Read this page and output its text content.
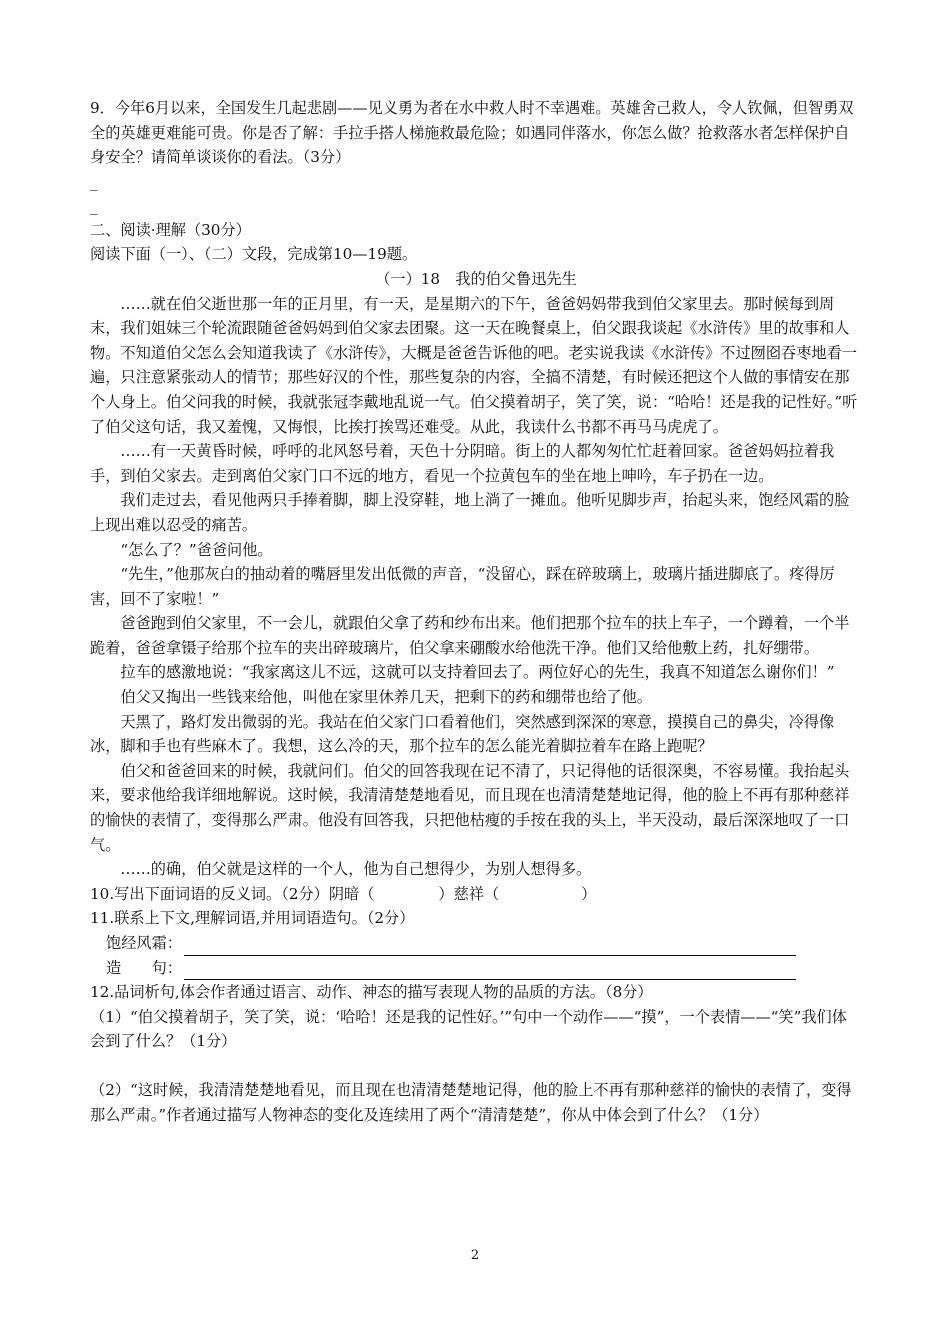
9．今年6月以来，全国发生几起悲剧——见义勇为者在水中救人时不幸遇难。英雄舍己救人，令人钦佩，但智勇双全的英雄更难能可贵。你是否了解：手拉手搭人梯施救最危险；如遇同伴落水，你怎么做？抢救落水者怎样保护自身安全？请简单谈谈你的看法。（3分）

_

_

二、阅读·理解（30分）

阅读下面（一）、（二）文段，完成第10—19题。

（一）18　我的伯父鲁迅先生

……就在伯父逝世那一年的正月里，有一天，是星期六的下午，爸爸妈妈带我到伯父家里去。那时候每到周末，我们姐妹三个轮流跟随爸爸妈妈到伯父家去团聚。这一天在晚餐桌上，伯父跟我谈起《水浒传》里的故事和人物。不知道伯父怎么会知道我读了《水浒传》，大概是爸爸告诉他的吧。老实说我读《水浒传》不过囫囵吞枣地看一遍，只注意紧张动人的情节；那些好汉的个性，那些复杂的内容，全搞不清楚，有时候还把这个人做的事情安在那个人身上。伯父问我的时候，我就张冠李戴地乱说一气。伯父摸着胡子，笑了笑，说：“哈哈！还是我的记性好。”听了伯父这句话，我又羞愧，又悔恨，比挨打挨骂还难受。从此，我读什么书都不再马马虎虎了。

……有一天黄昏时候，呼呼的北风怒号着，天色十分阴暗。街上的人都匆匆忙忙赶着回家。爸爸妈妈拉着我手，到伯父家去。走到离伯父家门口不远的地方，看见一个拉黄包车的坐在地上呻吟，车子扔在一边。

我们走过去，看见他两只手捧着脚，脚上没穿鞋，地上淌了一摊血。他听见脚步声，抬起头来，饱经风霜的脸上现出难以忍受的痛苦。

“怎么了？”爸爸问他。

“先生，”他那灰白的抽动着的嘴唇里发出低微的声音，“没留心，踩在碎玻璃上，玻璃片插进脚底了。疼得厉害，回不了家啦！”

爸爸跑到伯父家里，不一会儿，就跟伯父拿了药和纱布出来。他们把那个拉车的扶上车子，一个蹲着，一个半跪着，爸爸拿镊子给那个拉车的夹出碎玻璃片，伯父拿来硼酸水给他洗干净。他们又给他敷上药，扎好绷带。

拉车的感激地说：“我家离这儿不远，这就可以支持着回去了。两位好心的先生，我真不知道怎么谢你们！”

伯父又掏出一些钱来给他，叫他在家里休养几天，把剩下的药和绷带也给了他。

天黑了，路灯发出微弱的光。我站在伯父家门口看着他们，突然感到深深的寒意，摸摸自己的鼻尖，冷得像冰，脚和手也有些麻木了。我想，这么冷的天，那个拉车的怎么能光着脚拉着车在路上跑呢？

伯父和爸爸回来的时候，我就问们。伯父的回答我现在记不清了，只记得他的话很深奥，不容易懂。我抬起头来，要求他给我详细地解说。这时候，我清清楚楚地看见，而且现在也清清楚楚地记得，他的脸上不再有那种慈祥的愉快的表情了，变得那么严肃。他没有回答我，只把他枯瘦的手按在我的头上，半天没动，最后深深地叹了一口气。

……的确，伯父就是这样的一个人，他为自己想得少，为别人想得多。

10.写出下面词语的反义词。（2分）阴暗（	）慈祥（	）

11.联系上下文,理解词语,并用词语造句。（2分）

饱经风霜：
造　　句：

12.品词析句,体会作者通过语言、动作、神态的描写表现人物的品质的方法。（8分）

（1）“伯父摸着胡子，笑了笑，说：‘哈哈！还是我的记性好。’”句中一个动作——“摸”，一个表情——“笑”我们体会到了什么？（1分）

（2）“这时候，我清清楚楚地看见，而且现在也清清楚楚地记得，他的脸上不再有那种慈祥的愉快的表情了，变得那么严肃。”作者通过描写人物神态的变化及连续用了两个“清清楚楚”，你从中体会到了什么？（1分）

2
